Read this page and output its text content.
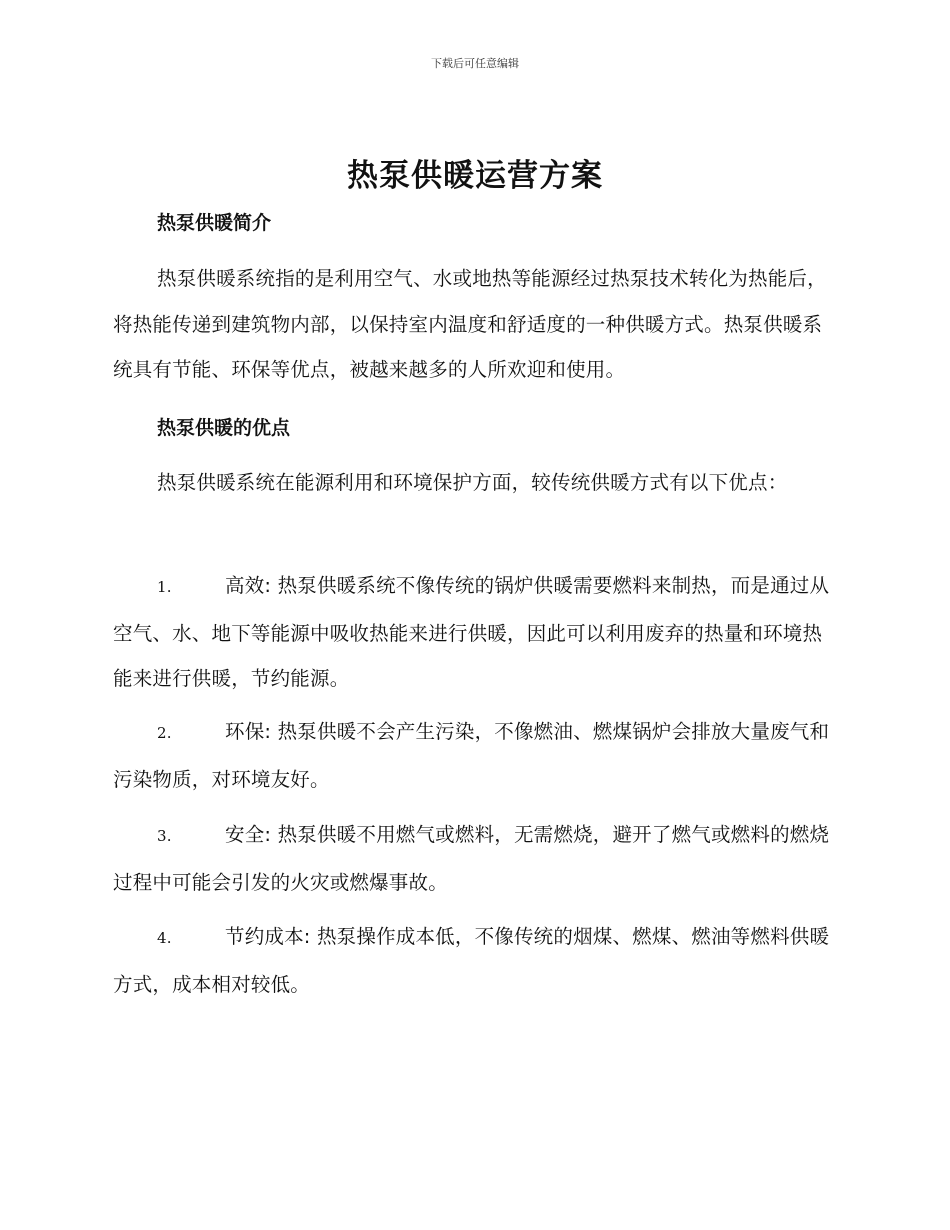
下载后可任意编辑
热泵供暖运营方案
热泵供暖简介

热泵供暖系统指的是利用空气、水或地热等能源经过热泵技术转化为热能后，将热能传递到建筑物内部，以保持室内温度和舒适度的一种供暖方式。热泵供暖系统具有节能、环保等优点，被越来越多的人所欢迎和使用。

热泵供暖的优点

热泵供暖系统在能源利用和环境保护方面，较传统供暖方式有以下优点：

1.	高效: 热泵供暖系统不像传统的锅炉供暖需要燃料来制热，而是通过从空气、水、地下等能源中吸收热能来进行供暖，因此可以利用废弃的热量和环境热能来进行供暖，节约能源。

2.	环保: 热泵供暖不会产生污染，不像燃油、燃煤锅炉会排放大量废气和污染物质，对环境友好。

3.	安全: 热泵供暖不用燃气或燃料，无需燃烧，避开了燃气或燃料的燃烧过程中可能会引发的火灾或燃爆事故。

4.	节约成本: 热泵操作成本低，不像传统的烟煤、燃煤、燃油等燃料供暖方式，成本相对较低。
